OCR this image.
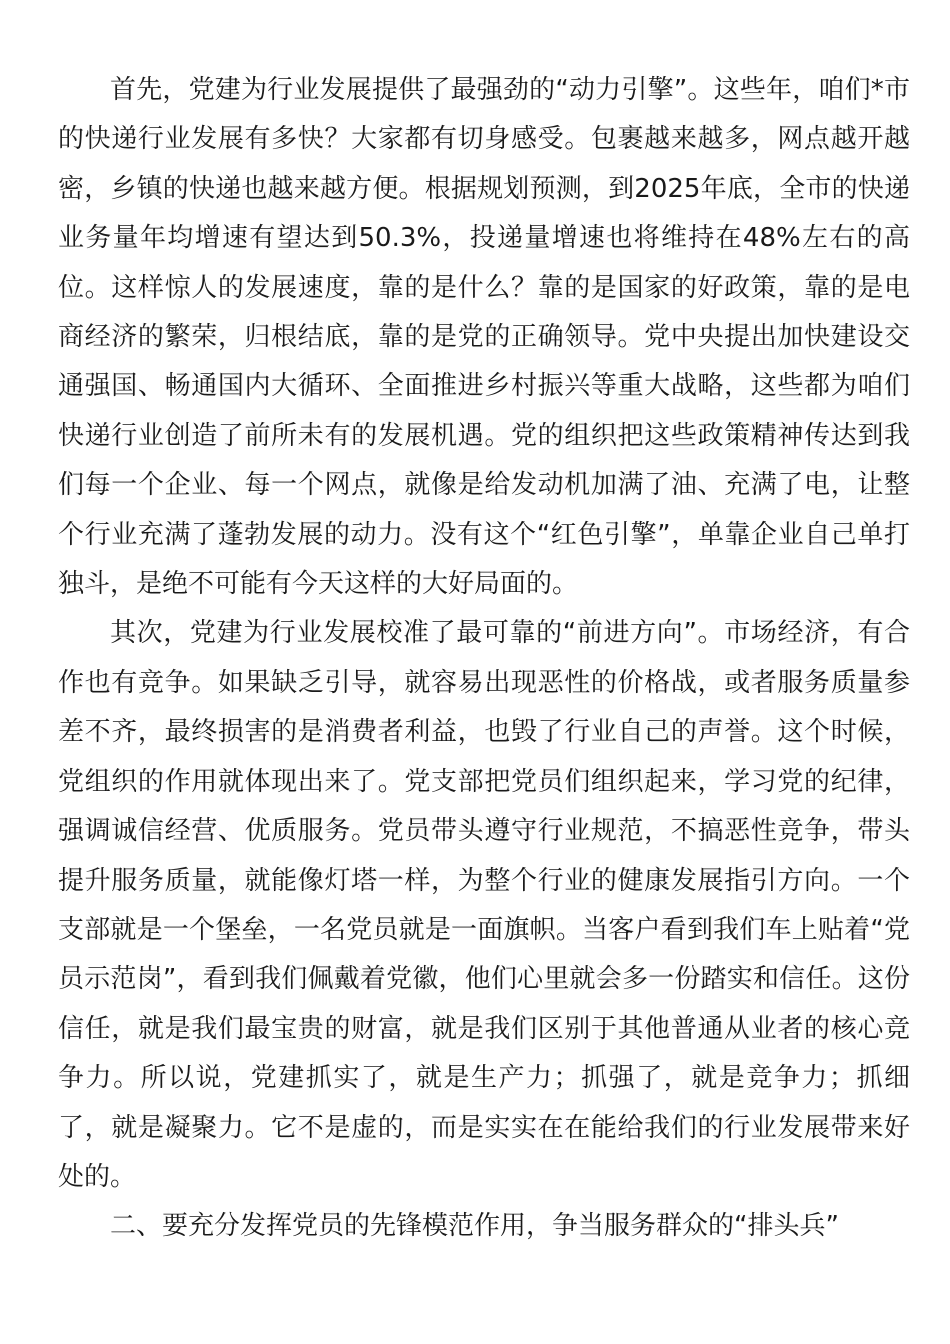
首先，党建为行业发展提供了最强劲的“动力引擎”。这些年，咱们*市的快递行业发展有多快？大家都有切身感受。包裹越来越多，网点越开越密，乡镇的快递也越来越方便。根据规划预测，到2025年底，全市的快递业务量年均增速有望达到50.3%，投递量增速也将维持在48%左右的高位。这样惊人的发展速度，靠的是什么？靠的是国家的好政策，靠的是电商经济的繁荣，归根结底，靠的是党的正确领导。党中央提出加快建设交通强国、畅通国内大循环、全面推进乡村振兴等重大战略，这些都为咱们快递行业创造了前所未有的发展机遇。党的组织把这些政策精神传达到我们每一个企业、每一个网点，就像是给发动机加满了油、充满了电，让整个行业充满了蓬勃发展的动力。没有这个“红色引擎”，单靠企业自己单打独斗，是绝不可能有今天这样的大好局面的。

其次，党建为行业发展校准了最可靠的“前进方向”。市场经济，有合作也有竞争。如果缺乏引导，就容易出现恶性的价格战，或者服务质量参差不齐，最终损害的是消费者利益，也毁了行业自己的声誉。这个时候，党组织的作用就体现出来了。党支部把党员们组织起来，学习党的纪律，强调诚信经营、优质服务。党员带头遵守行业规范，不搞恶性竞争，带头提升服务质量，就能像灯塔一样，为整个行业的健康发展指引方向。一个支部就是一个堡垒，一名党员就是一面旗帜。当客户看到我们车上贴着“党员示范岗”，看到我们佩戴着党徽，他们心里就会多一份踏实和信任。这份信任，就是我们最宝贵的财富，就是我们区别于其他普通从业者的核心竞争力。所以说，党建抓实了，就是生产力；抓强了，就是竞争力；抓细了，就是凝聚力。它不是虚的，而是实实在在能给我们的行业发展带来好处的。

二、要充分发挥党员的先锋模范作用，争当服务群众的“排头兵”
